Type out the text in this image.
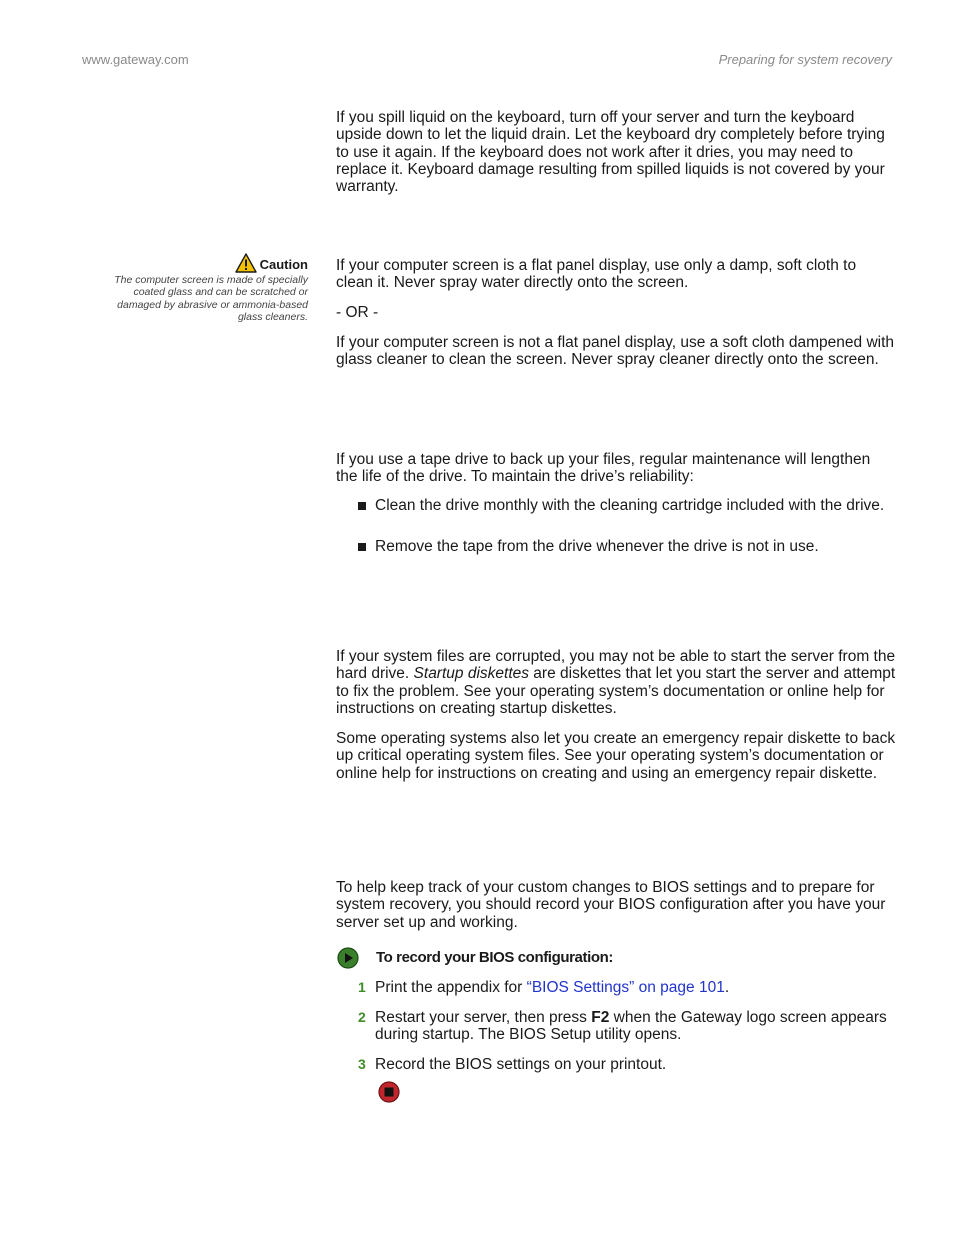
www.gateway.com	Preparing for system recovery

If you spill liquid on the keyboard, turn off your server and turn the keyboard upside down to let the liquid drain. Let the keyboard dry completely before trying to use it again. If the keyboard does not work after it dries, you may need to replace it. Keyboard damage resulting from spilled liquids is not covered by your warranty.

Caution
The computer screen is made of specially coated glass and can be scratched or damaged by abrasive or ammonia-based glass cleaners.

If your computer screen is a flat panel display, use only a damp, soft cloth to clean it. Never spray water directly onto the screen.

- OR -

If your computer screen is not a flat panel display, use a soft cloth dampened with glass cleaner to clean the screen. Never spray cleaner directly onto the screen.

If you use a tape drive to back up your files, regular maintenance will lengthen the life of the drive. To maintain the drive’s reliability:

Clean the drive monthly with the cleaning cartridge included with the drive.
Remove the tape from the drive whenever the drive is not in use.

If your system files are corrupted, you may not be able to start the server from the hard drive. Startup diskettes are diskettes that let you start the server and attempt to fix the problem. See your operating system’s documentation or online help for instructions on creating startup diskettes.

Some operating systems also let you create an emergency repair diskette to back up critical operating system files. See your operating system’s documentation or online help for instructions on creating and using an emergency repair diskette.

To help keep track of your custom changes to BIOS settings and to prepare for system recovery, you should record your BIOS configuration after you have your server set up and working.

To record your BIOS configuration:
1 Print the appendix for “BIOS Settings” on page 101.
2 Restart your server, then press F2 when the Gateway logo screen appears during startup. The BIOS Setup utility opens.
3 Record the BIOS settings on your printout.
